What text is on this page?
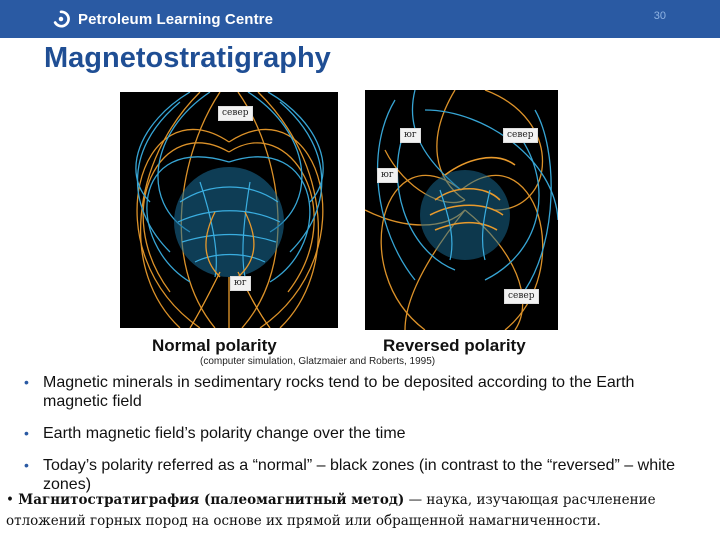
Petroleum Learning Centre	30
Magnetostratigraphy
север
юг
юг	север
юг
север
Normal polarity	Reversed polarity
(computer simulation, Glatzmaier and Roberts, 1995)
• Magnetic minerals in sedimentary rocks tend to be deposited according to the Earth magnetic field
• Earth magnetic field’s polarity change over the time
• Today’s polarity referred as a “normal” – black zones (in contrast to the “reversed” – white zones)
• Магнитостратиграфия (палеомагнитный метод) — наука, изучающая расчленение отложений горных пород на основе их прямой или обращенной намагниченности.
